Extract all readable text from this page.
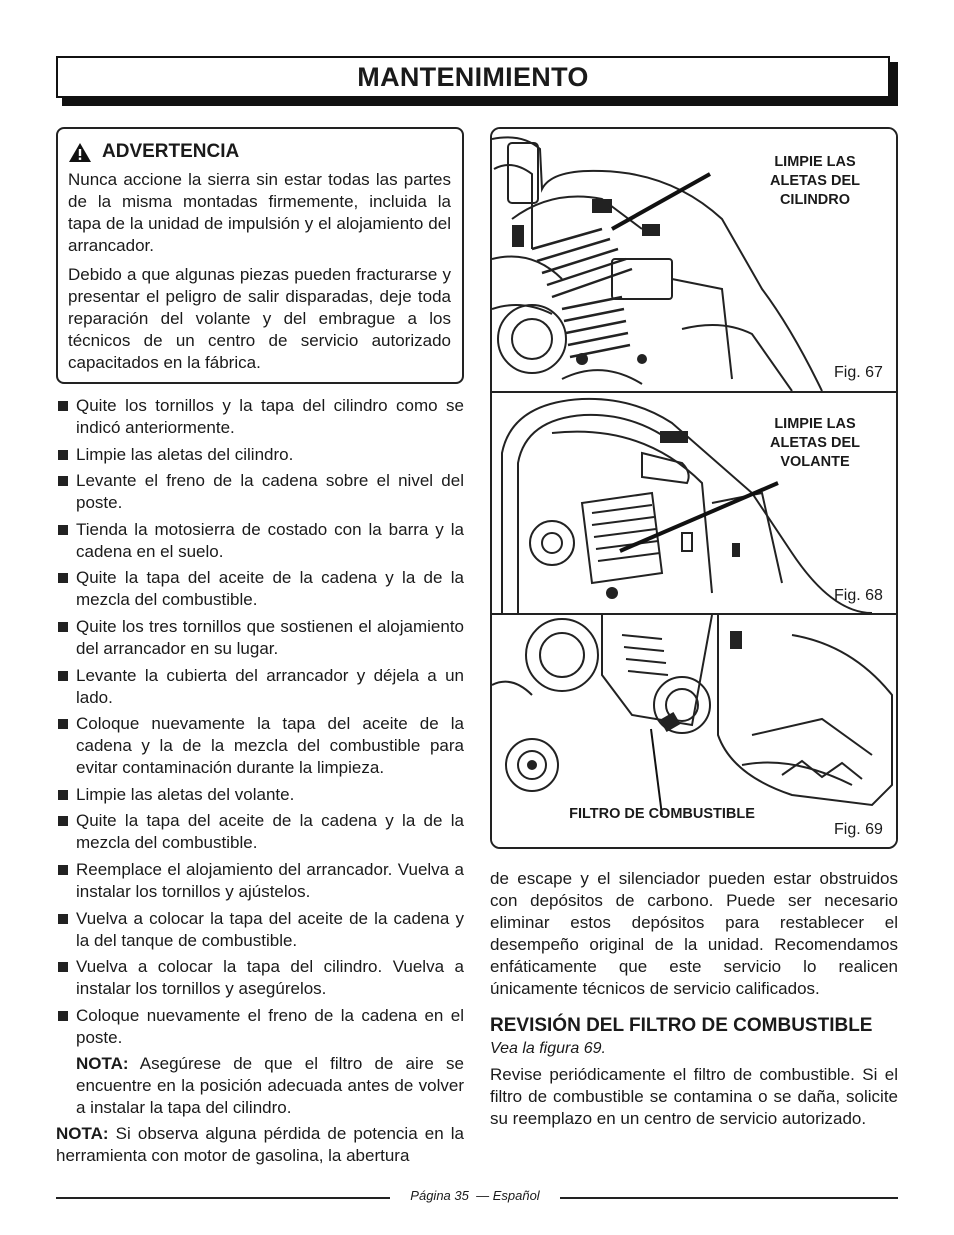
MANTENIMIENTO
ADVERTENCIA

Nunca accione la sierra sin estar todas las partes de la misma montadas firmemente, incluida la tapa de la unidad de impulsión y el alojamiento del arrancador.

Debido a que algunas piezas pueden fracturarse y presentar el peligro de salir disparadas, deje toda reparación del volante y del embrague a los técnicos de un centro de servicio autorizado capacitados en la fábrica.

Quite los tornillos y la tapa del cilindro como se indicó anteriormente.
Limpie las aletas del cilindro.
Levante el freno de la cadena sobre el nivel del poste.
Tienda la motosierra de costado con la barra y la cadena en el suelo.
Quite la tapa del aceite de la cadena y la de la mezcla del combustible.
Quite los tres tornillos que sostienen el alojamiento del arrancador en su lugar.
Levante la cubierta del arrancador y déjela a un lado.
Coloque nuevamente la tapa del aceite de la cadena y la de la mezcla del combustible para evitar contaminación durante la limpieza.
Limpie las aletas del volante.
Quite la tapa del aceite de la cadena y la de la mezcla del combustible.
Reemplace el alojamiento del arrancador. Vuelva a instalar los tornillos y ajústelos.
Vuelva a colocar la tapa del aceite de la cadena y la del tanque de combustible.
Vuelva a colocar la tapa del cilindro. Vuelva a instalar los tornillos y asegúrelos.
Coloque nuevamente el freno de la cadena en el poste.

NOTA: Asegúrese de que el filtro de aire se encuentre en la posición adecuada antes de volver a instalar la tapa del cilindro.

NOTA: Si observa alguna pérdida de potencia en la herramienta con motor de gasolina, la abertura

LIMPIE LAS ALETAS DEL CILINDRO
Fig. 67
LIMPIE LAS ALETAS DEL VOLANTE
Fig. 68
FILTRO DE COMBUSTIBLE
Fig. 69

de escape y el silenciador pueden estar obstruidos con depósitos de carbono. Puede ser necesario eliminar estos depósitos para restablecer el desempeño original de la unidad. Recomendamos enfáticamente que este servicio lo realicen únicamente técnicos de servicio calificados.

REVISIÓN DEL FILTRO DE COMBUSTIBLE

Vea la figura 69.

Revise periódicamente el filtro de combustible. Si el filtro de combustible se contamina o se daña, solicite su reemplazo en un centro de servicio autorizado.

Página 35 — Español
